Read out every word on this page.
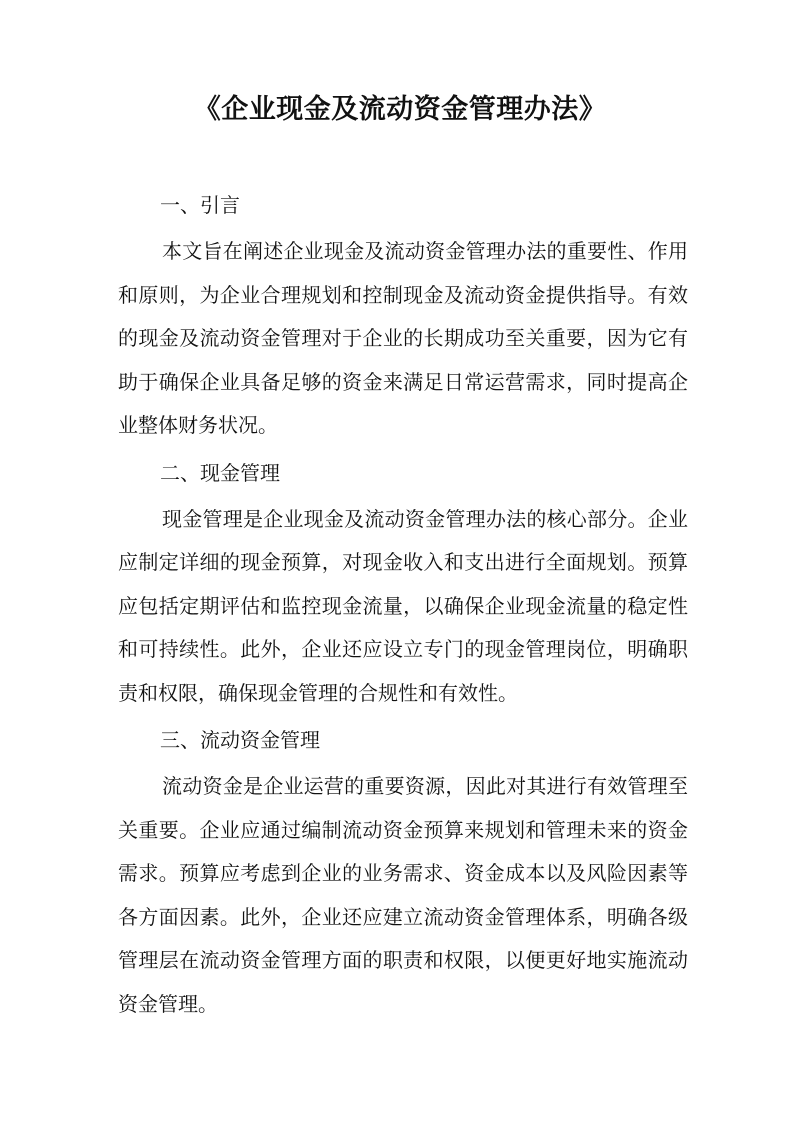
《企业现金及流动资金管理办法》
一、引言

本文旨在阐述企业现金及流动资金管理办法的重要性、作用和原则，为企业合理规划和控制现金及流动资金提供指导。有效的现金及流动资金管理对于企业的长期成功至关重要，因为它有助于确保企业具备足够的资金来满足日常运营需求，同时提高企业整体财务状况。

二、现金管理

现金管理是企业现金及流动资金管理办法的核心部分。企业应制定详细的现金预算，对现金收入和支出进行全面规划。预算应包括定期评估和监控现金流量，以确保企业现金流量的稳定性和可持续性。此外，企业还应设立专门的现金管理岗位，明确职责和权限，确保现金管理的合规性和有效性。

三、流动资金管理

流动资金是企业运营的重要资源，因此对其进行有效管理至关重要。企业应通过编制流动资金预算来规划和管理未来的资金需求。预算应考虑到企业的业务需求、资金成本以及风险因素等各方面因素。此外，企业还应建立流动资金管理体系，明确各级管理层在流动资金管理方面的职责和权限，以便更好地实施流动资金管理。
